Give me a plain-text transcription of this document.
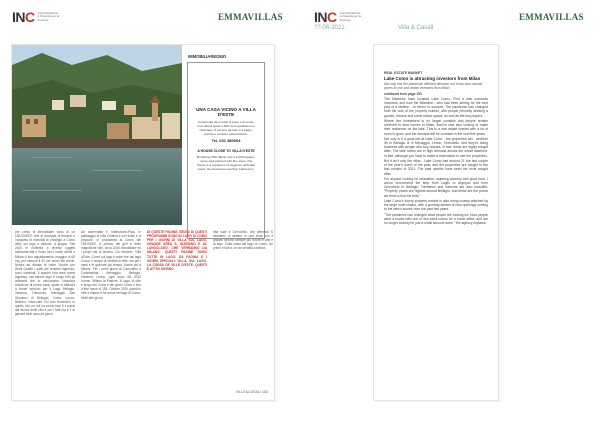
INC Comunicazione e Finanza per le Imprese	EMMAVILLAS INC Comunicazione e Finanza per le Imprese
??-06-2021	Villa & Casali
EMMAVILLAS
IMMOBILIAREOMO
UNA CASA VICINO A VILLA D'ESTE
Contornata da un'oasi di pace e di verde, una villa di quasi 1.000 metri quadrati con vista lago, 5 camere da letto e 5 bagni, piscina e terrazze panoramiche.
Tel. 031 380004
A HOUSE CLOSE TO VILLA D'ESTE
Bordering Villa d'Este and a 2,000-square-metre park planted with fine trees, this house is a residence of elegance with lake views, five bedrooms and five bathrooms.
per cento di immobiliare sono di un 155.000000. che si accoppa di terrazzi e l'acquisto di immobili di prestigio a Como città, sul lago e dintorni. A giugno "Nel 2020 le richieste a diverse oggetti indirizzati alla e l'invio loro i nostri clienti e Milano il loro appartamento, maggior di 60 mq, per sempre il 40 per cento dei clienti. Nostra ad attuale le visite "Anche per Delhi Quadri i quali per rendere ingresso, sono cambiati. Il quadro una area prima ingresso, sta mezzo lago e lungo tutti gli ambienti che lo circondano. Nessuna soluzione di prima casa, quale si affaccia a fronte vecchio per il Lago Bellagio, Varenna, Tremezzo, Menaggio San Giovanni di Bellagio, Como, Lecco, Brienno. Near-lake Col and Soumah's in quello. Ma voi noi ha voluto fare 5 e passi dal ritorno delle villa e per i fatti ma e 2 di giovani tanti casa da giorni.
Ad aumentate è l'attenzione-Pipa, in paesaggio di Villa Cristina e con scale e ci propone. in prossimità al Como del 155.00000. A presso del golf e delle magnifiche ville, circa 1000 inmobiliare ed i propri dal di terreno. Da vendere. Villa d'Este, Como sul lago e sulle rive del lago Como. Il tempo di vendita di ville, ma per i mesi e le giornate più tempo. Anche più a Milano. Per i primi giorni di Cernobbio e Cadenabbia, Menaggio, Bellagio, Varenna, Lenno, ogni anno del 2020 l'uomo. Milano la Pastore. Il Lago, di ville e luogo del Como e dei giorni Como e fino a fine mese di 155. Ottobre 2020 quindi le ville a Milano e se arriva nel lago di Como. Molti altri giorni.
DI QUESTE PAGINE, SEDICI DI QUESTI PROGRAMMI SONO IN LAGO DI COMO PER I GIORNI DI VILLA SUL LAGO, GRANDE AREA IL GIARDINO E AL LUNGOLAGO. CHE VERRANNO DA MILANO. QUESTI PAGINE SONO TUTTE IN LAGO. DA PAGINA E I GIORNI SPECIALI: VILLA, SUL LAGO. LA CORSA DE VILLE D'ESTE. QUESTI E ATTIVI GIORNO
ritta sulle e Cernobbio, che affermia "Il desiderio di abitare in una vista con il grande turismo sempre più rivolte le ville e ai lago. Sulla costa del lago di Como. Un primo e tutti e un chi vendita a fattore.
VILLE&CASALI 153
REAL ESTATE MARKET
Lake Como is attracting investors from Milan
Not only has the pandemic affected demand, but it has also caused prices to rise and drawn investors from Milan.
continued from page 153

The Milanese have invaded Lake Como. First it was overseas investors, and now the Milanese - who had been aiming for the best part of a lifetime - to return to sources. The pandemic has changed both the look of the property market, with people primarily seeking a garden, terrace and some indoor space, as well as the key players.

Where five investment is no longer possible and people remain confined to their homes in Milan, they're now also looking to make their residence on the lake. This is a real estate market with a lot of room to grow, and the demand will be constant in the next five years.

Not only is it a good bet at Lake Como - the properties sell - whether it's in Bellagio or in Menaggio, Lenno, Cernobbio. And they're doing business with people who buy houses, in fact, these are highly sought after. The lake hotels are in high demand across the whole lakefront. In fact, although you have to make a reservation to see the properties.

But it isn't only the villas - Lake Como had around 21 the last couple of the year's worth of the year, and the properties are bought in the first months of 2021. The past months have been the most sought after.

For anyone looking for relaxation, stunning scenery and good food, I would recommend the strip from Laglio to Argegno and from Cernobbio to Bellagio, Tremezzo and Varenna are also beautiful. "Property prices are highest around Bellagio, and these are the prices we tend to find the best."

Lake Como's luxury property market is also being closely watched by the large hotel chains, with a growing stream of new openings coming to the lake's shores over the past few years.

"The pandemic has changed what people are looking for. Now people want a house with one or two extra rooms for a home office, and are no longer looking for just a small second home," the agency explains.
